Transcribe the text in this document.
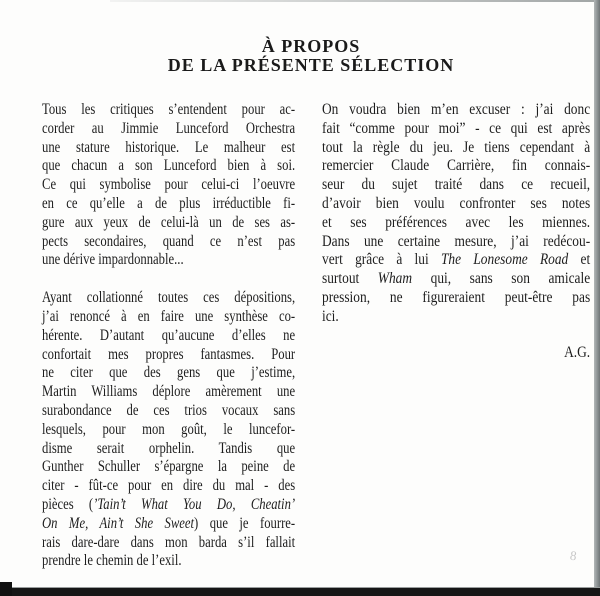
À PROPOS
DE LA PRÉSENTE SÉLECTION
Tous les critiques s’entendent pour ac-
corder au Jimmie Lunceford Orchestra
une stature historique. Le malheur est
que chacun a son Lunceford bien à soi.
Ce qui symbolise pour celui-ci l’oeuvre
en ce qu’elle a de plus irréductible fi-
gure aux yeux de celui-là un de ses as-
pects secondaires, quand ce n’est pas
une dérive impardonnable...
Ayant collationné toutes ces dépositions,
j’ai renoncé à en faire une synthèse co-
hérente. D’autant qu’aucune d’elles ne
confortait mes propres fantasmes. Pour
ne citer que des gens que j’estime,
Martin Williams déplore amèrement une
surabondance de ces trios vocaux sans
lesquels, pour mon goût, le luncefor-
disme serait orphelin. Tandis que
Gunther Schuller s’épargne la peine de
citer - fût-ce pour en dire du mal - des
pièces (’Tain’t What You Do, Cheatin’
On Me, Ain’t She Sweet) que je fourre-
rais dare-dare dans mon barda s’il fallait
prendre le chemin de l’exil.
On voudra bien m’en excuser : j’ai donc
fait “comme pour moi” - ce qui est après
tout la règle du jeu. Je tiens cependant à
remercier Claude Carrière, fin connais-
seur du sujet traité dans ce recueil,
d’avoir bien voulu confronter ses notes
et ses préférences avec les miennes.
Dans une certaine mesure, j’ai redécou-
vert grâce à lui The Lonesome Road et
surtout Wham qui, sans son amicale
pression, ne figureraient peut-être pas
ici.
A.G.
8
